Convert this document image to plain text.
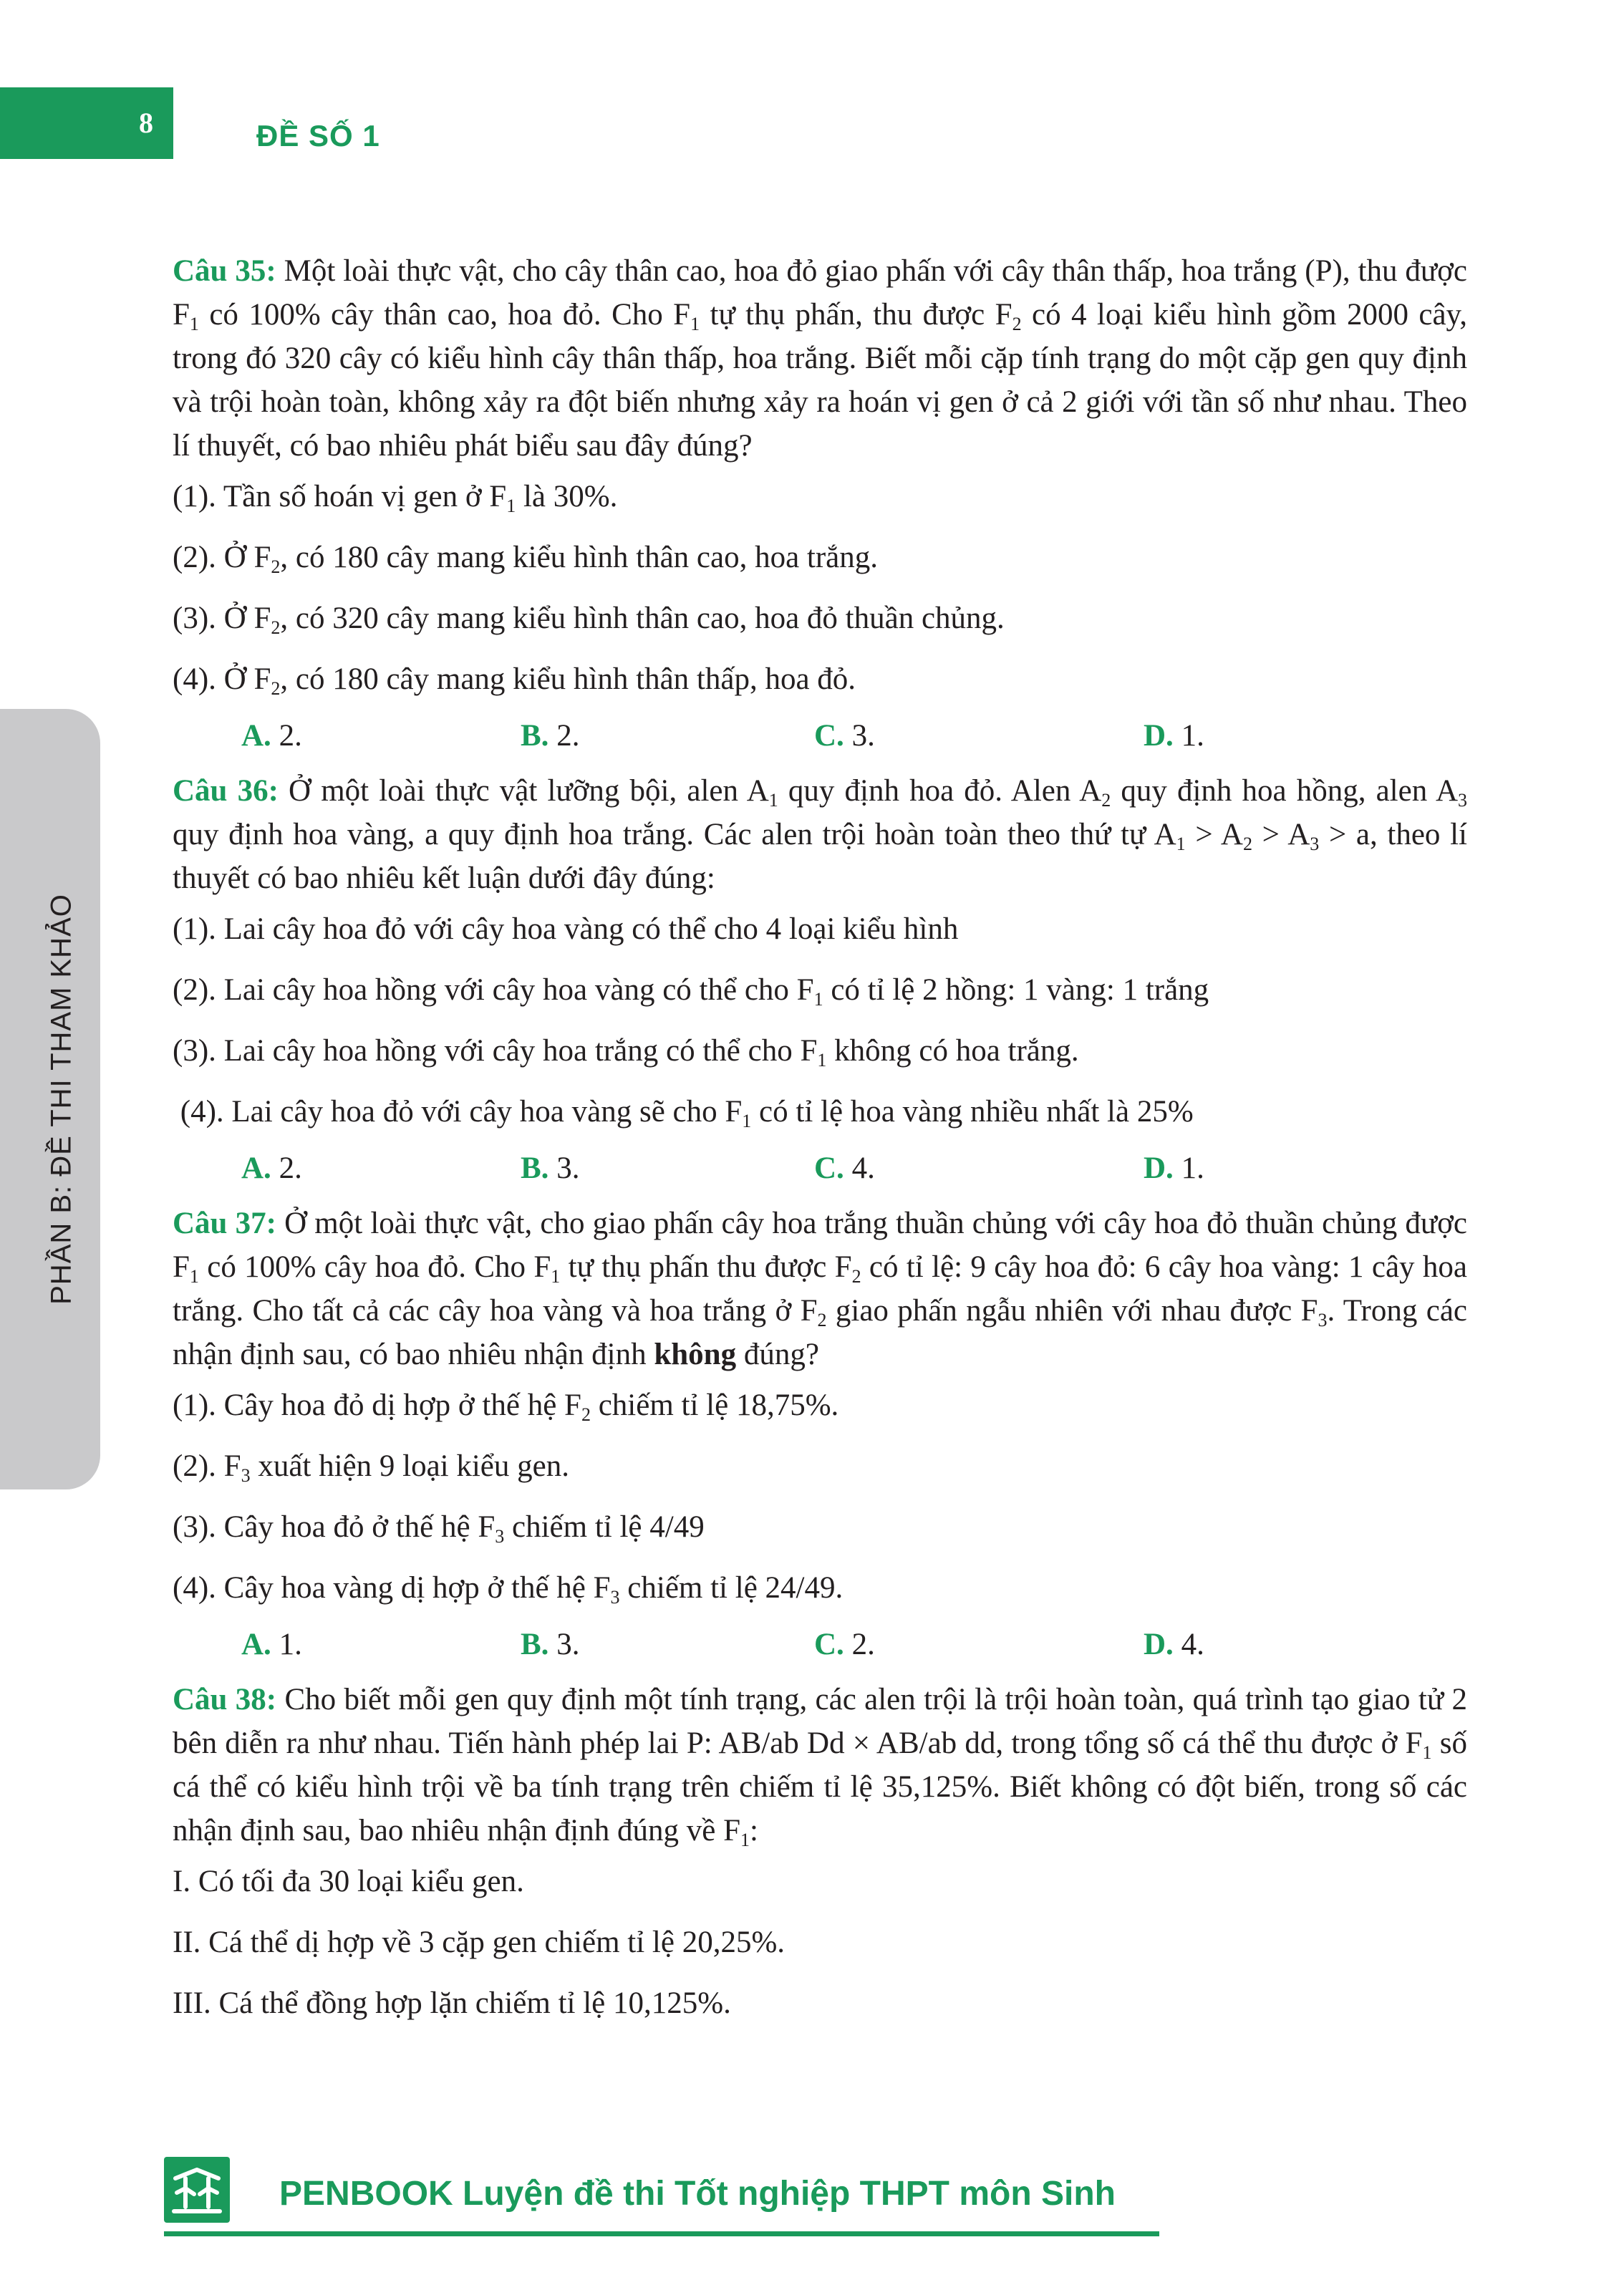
8	ĐỀ SỐ 1
PHẦN B: ĐỀ THI THAM KHẢO
Câu 35: Một loài thực vật, cho cây thân cao, hoa đỏ giao phấn với cây thân thấp, hoa trắng (P), thu được $F_1$ có 100% cây thân cao, hoa đỏ. Cho $F_1$ tự thụ phấn, thu được $F_2$ có 4 loại kiểu hình gồm 2000 cây, trong đó 320 cây có kiểu hình cây thân thấp, hoa trắng. Biết mỗi cặp tính trạng do một cặp gen quy định và trội hoàn toàn, không xảy ra đột biến nhưng xảy ra hoán vị gen ở cả 2 giới với tần số như nhau. Theo lí thuyết, có bao nhiêu phát biểu sau đây đúng?
(1). Tần số hoán vị gen ở $F_1$ là 30%.
(2). Ở $F_2$, có 180 cây mang kiểu hình thân cao, hoa trắng.
(3). Ở $F_2$, có 320 cây mang kiểu hình thân cao, hoa đỏ thuần chủng.
(4). Ở $F_2$, có 180 cây mang kiểu hình thân thấp, hoa đỏ.
A. 2.	B. 2.	C. 3.	D. 1.
Câu 36: Ở một loài thực vật lưỡng bội, alen $A_1$ quy định hoa đỏ. Alen $A_2$ quy định hoa hồng, alen $A_3$ quy định hoa vàng, a quy định hoa trắng. Các alen trội hoàn toàn theo thứ tự $A_1 > A_2 > A_3 > a$, theo lí thuyết có bao nhiêu kết luận dưới đây đúng:
(1). Lai cây hoa đỏ với cây hoa vàng có thể cho 4 loại kiểu hình
(2). Lai cây hoa hồng với cây hoa vàng có thể cho $F_1$ có tỉ lệ 2 hồng: 1 vàng: 1 trắng
(3). Lai cây hoa hồng với cây hoa trắng có thể cho $F_1$ không có hoa trắng.
(4). Lai cây hoa đỏ với cây hoa vàng sẽ cho $F_1$ có tỉ lệ hoa vàng nhiều nhất là 25%
A. 2.	B. 3.	C. 4.	D. 1.
Câu 37: Ở một loài thực vật, cho giao phấn cây hoa trắng thuần chủng với cây hoa đỏ thuần chủng được $F_1$ có 100% cây hoa đỏ. Cho $F_1$ tự thụ phấn thu được $F_2$ có tỉ lệ: 9 cây hoa đỏ: 6 cây hoa vàng: 1 cây hoa trắng. Cho tất cả các cây hoa vàng và hoa trắng ở $F_2$ giao phấn ngẫu nhiên với nhau được $F_3$. Trong các nhận định sau, có bao nhiêu nhận định không đúng?
(1). Cây hoa đỏ dị hợp ở thế hệ $F_2$ chiếm tỉ lệ 18,75%.
(2). $F_3$ xuất hiện 9 loại kiểu gen.
(3). Cây hoa đỏ ở thế hệ $F_3$ chiếm tỉ lệ 4/49
(4). Cây hoa vàng dị hợp ở thế hệ $F_3$ chiếm tỉ lệ 24/49.
A. 1.	B. 3.	C. 2.	D. 4.
Câu 38: Cho biết mỗi gen quy định một tính trạng, các alen trội là trội hoàn toàn, quá trình tạo giao tử 2 bên diễn ra như nhau. Tiến hành phép lai P: AB/ab Dd × AB/ab dd, trong tổng số cá thể thu được ở $F_1$ số cá thể có kiểu hình trội về ba tính trạng trên chiếm tỉ lệ 35,125%. Biết không có đột biến, trong số các nhận định sau, bao nhiêu nhận định đúng về $F_1$:
I. Có tối đa 30 loại kiểu gen.
II. Cá thể dị hợp về 3 cặp gen chiếm tỉ lệ 20,25%.
III. Cá thể đồng hợp lặn chiếm tỉ lệ 10,125%.
PENBOOK Luyện đề thi Tốt nghiệp THPT môn Sinh
